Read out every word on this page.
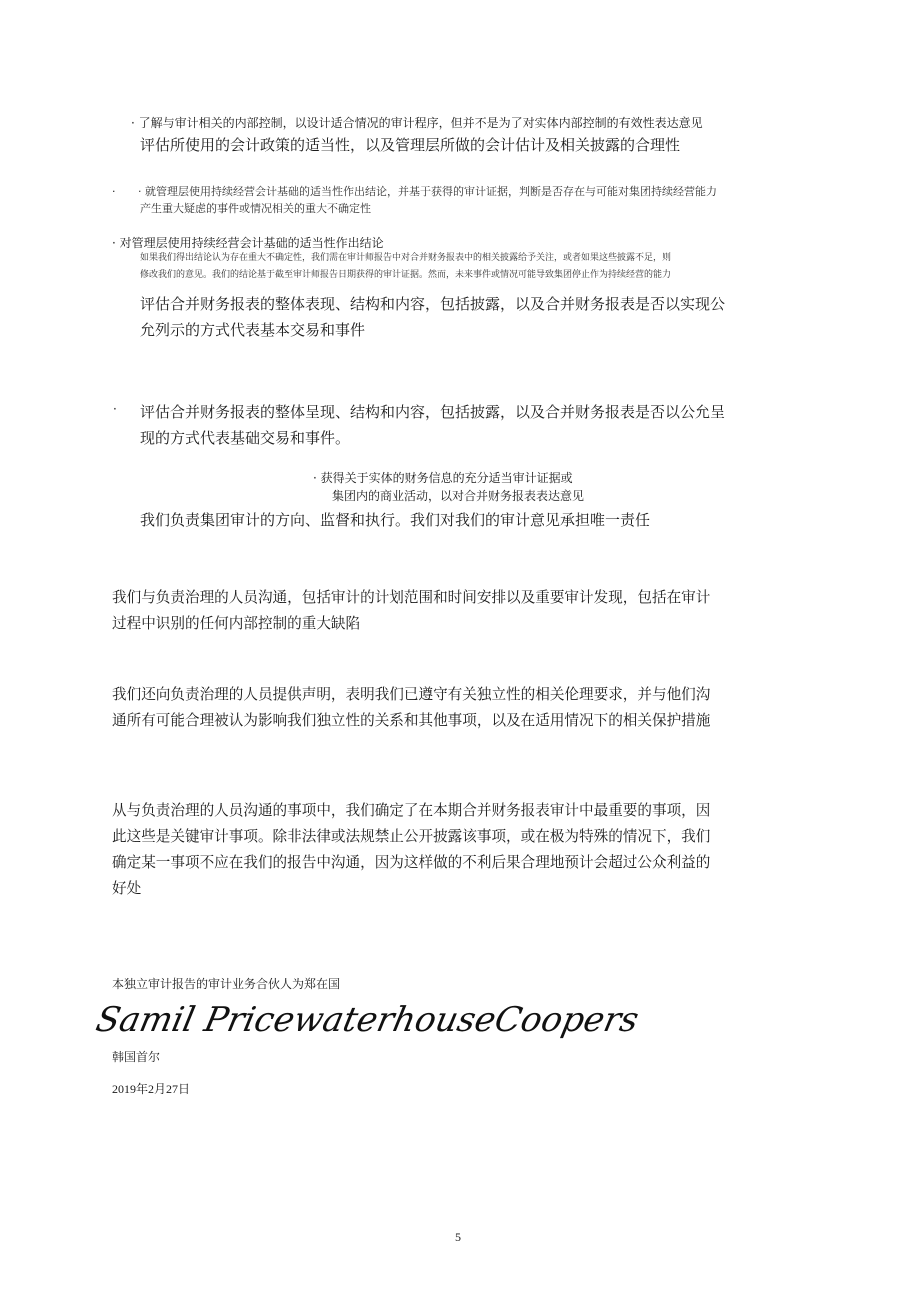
· 了解与审计相关的内部控制，以设计适合情况的审计程序，但并不是为了对实体内部控制的有效性表达意见
评估所使用的会计政策的适当性，以及管理层所做的会计估计及相关披露的合理性
· · 就管理层使用持续经营会计基础的适当性作出结论，并基于获得的审计证据，判断是否存在与可能对集团持续经营能力
产生重大疑虑的事件或情况相关的重大不确定性
· 对管理层使用持续经营会计基础的适当性作出结论
如果我们得出结论认为存在重大不确定性，我们需在审计师报告中对合并财务报表中的相关披露给予关注，或者如果这些披露不足，则
修改我们的意见。我们的结论基于截至审计师报告日期获得的审计证据。然而，未来事件或情况可能导致集团停止作为持续经营的能力
评估合并财务报表的整体表现、结构和内容，包括披露，以及合并财务报表是否以实现公
允列示的方式代表基本交易和事件
· 评估合并财务报表的整体呈现、结构和内容，包括披露，以及合并财务报表是否以公允呈
现的方式代表基础交易和事件。
· 获得关于实体的财务信息的充分适当审计证据或
集团内的商业活动，以对合并财务报表表达意见
我们负责集团审计的方向、监督和执行。我们对我们的审计意见承担唯一责任
我们与负责治理的人员沟通，包括审计的计划范围和时间安排以及重要审计发现，包括在审计
过程中识别的任何内部控制的重大缺陷
我们还向负责治理的人员提供声明，表明我们已遵守有关独立性的相关伦理要求，并与他们沟
通所有可能合理被认为影响我们独立性的关系和其他事项，以及在适用情况下的相关保护措施
从与负责治理的人员沟通的事项中，我们确定了在本期合并财务报表审计中最重要的事项，因
此这些是关键审计事项。除非法律或法规禁止公开披露该事项，或在极为特殊的情况下，我们
确定某一事项不应在我们的报告中沟通，因为这样做的不利后果合理地预计会超过公众利益的
好处
本独立审计报告的审计业务合伙人为郑在国
Samil PricewaterhouseCoopers
韩国首尔
2019年2月27日
5
